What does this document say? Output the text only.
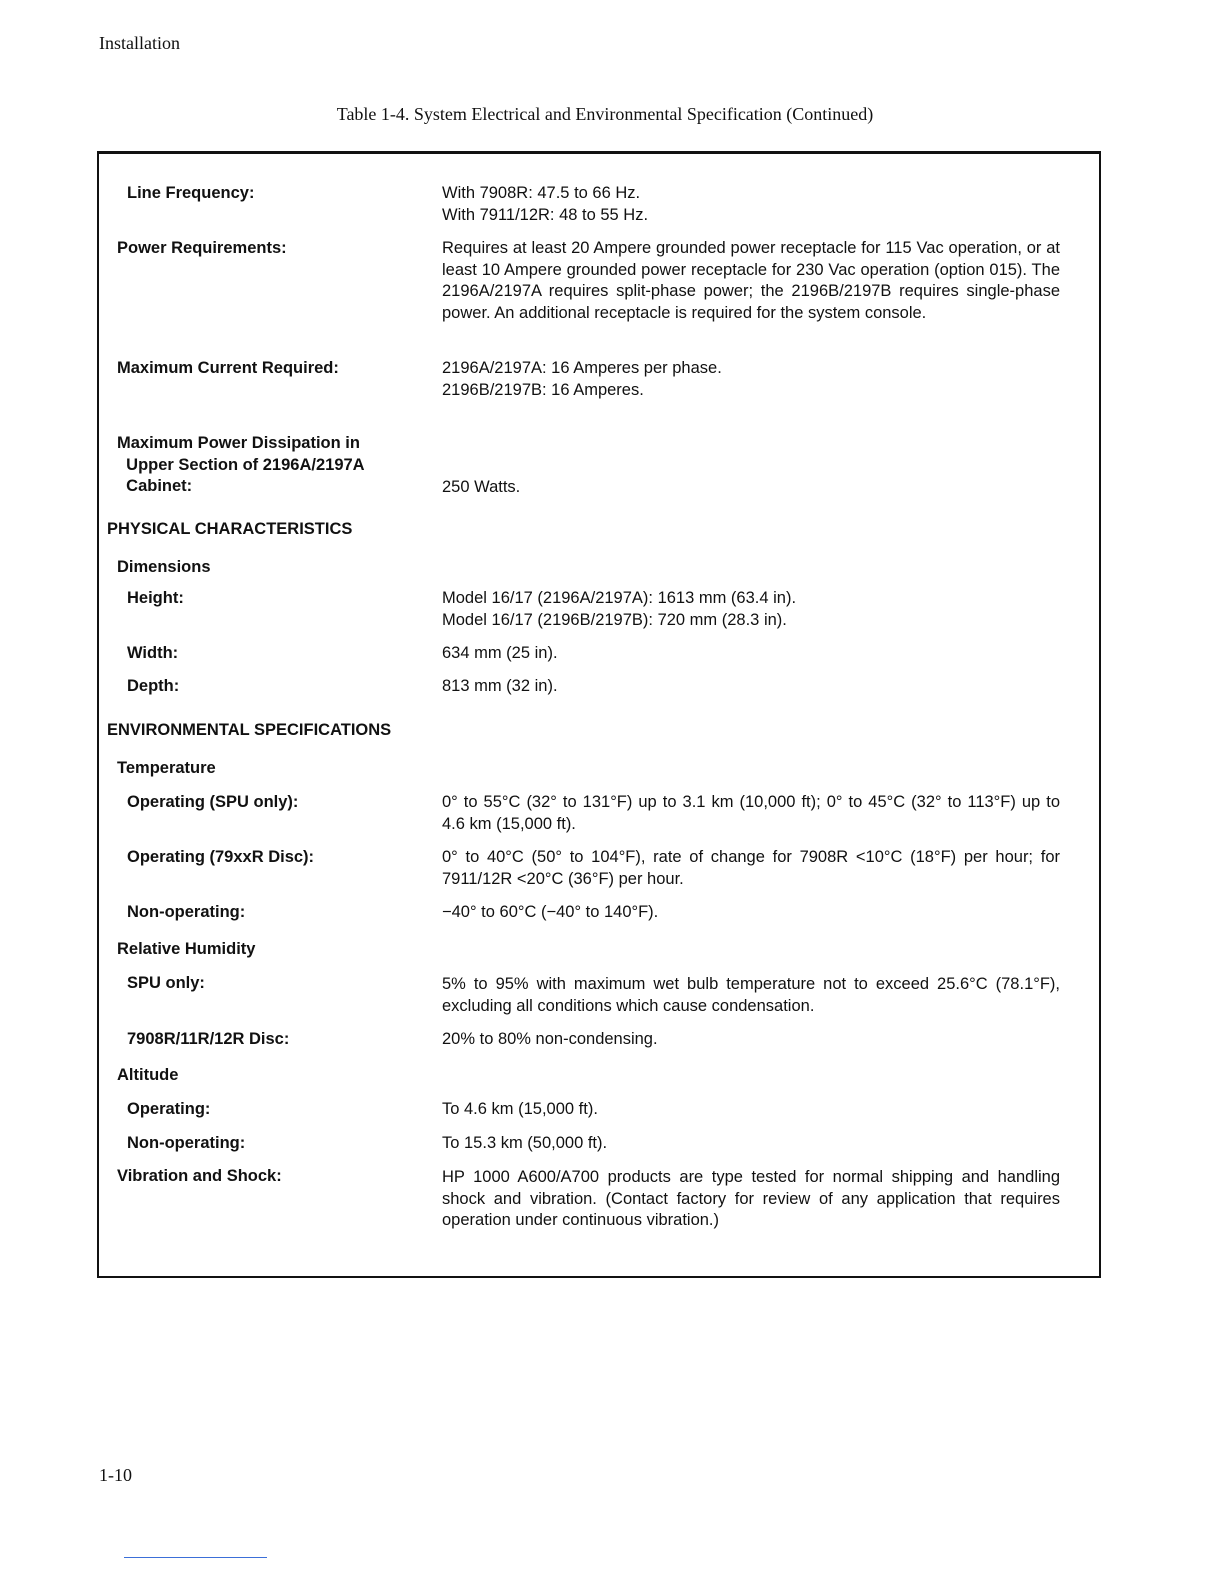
Installation
Table 1-4. System Electrical and Environmental Specification (Continued)
Line Frequency:	With 7908R: 47.5 to 66 Hz.
With 7911/12R: 48 to 55 Hz.
Power Requirements:	Requires at least 20 Ampere grounded power receptacle for 115 Vac operation, or at least 10 Ampere grounded power receptacle for 230 Vac operation (option 015). The 2196A/2197A requires split-phase power; the 2196B/2197B requires single-phase power. An additional receptacle is required for the system console.
Maximum Current Required:	2196A/2197A: 16 Amperes per phase.
2196B/2197B: 16 Amperes.
Maximum Power Dissipation in
Upper Section of 2196A/2197A
Cabinet:	250 Watts.
PHYSICAL CHARACTERISTICS
Dimensions
Height:	Model 16/17 (2196A/2197A): 1613 mm (63.4 in).
Model 16/17 (2196B/2197B): 720 mm (28.3 in).
Width:	634 mm (25 in).
Depth:	813 mm (32 in).
ENVIRONMENTAL SPECIFICATIONS
Temperature
Operating (SPU only):	0° to 55°C (32° to 131°F) up to 3.1 km (10,000 ft); 0° to 45°C (32° to 113°F) up to 4.6 km (15,000 ft).
Operating (79xxR Disc):	0° to 40°C (50° to 104°F), rate of change for 7908R <10°C (18°F) per hour; for 7911/12R <20°C (36°F) per hour.
Non-operating:	−40° to 60°C (−40° to 140°F).
Relative Humidity
SPU only:	5% to 95% with maximum wet bulb temperature not to exceed 25.6°C (78.1°F), excluding all conditions which cause condensation.
7908R/11R/12R Disc:	20% to 80% non-condensing.
Altitude
Operating:	To 4.6 km (15,000 ft).
Non-operating:	To 15.3 km (50,000 ft).
Vibration and Shock:	HP 1000 A600/A700 products are type tested for normal shipping and handling shock and vibration. (Contact factory for review of any application that requires operation under continuous vibration.)
1-10
